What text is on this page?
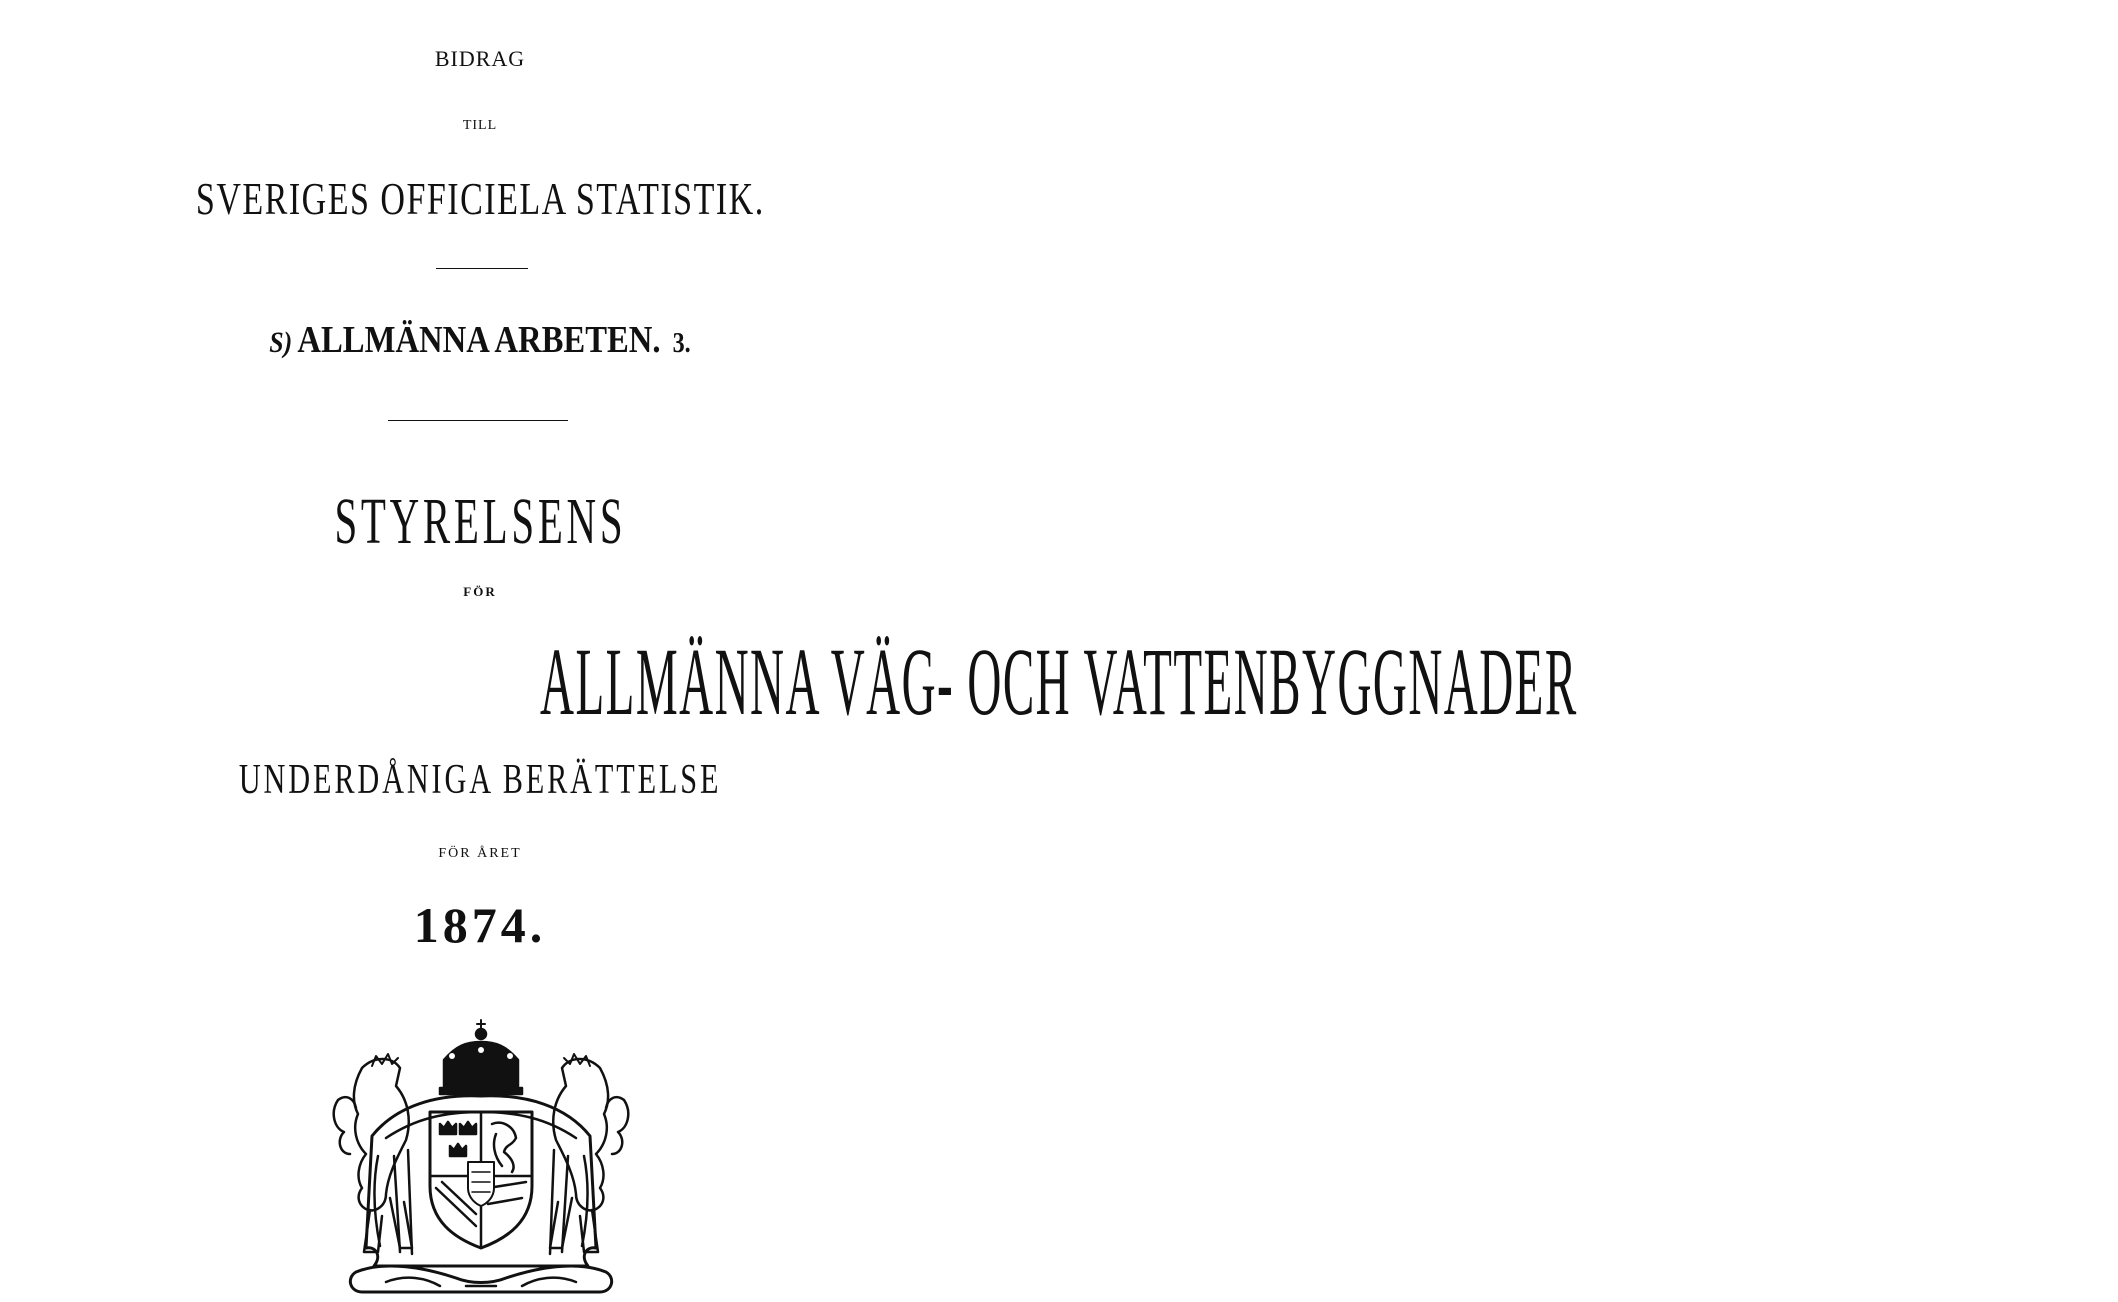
BIDRAG

TILL

SVERIGES OFFICIELA STATISTIK.

S) ALLMÄNNA ARBETEN. 3.

STYRELSENS

FÖR

ALLMÄNNA VÄG- OCH VATTENBYGGNADER

UNDERDÅNIGA BERÄTTELSE

FÖR ÅRET

1874.
